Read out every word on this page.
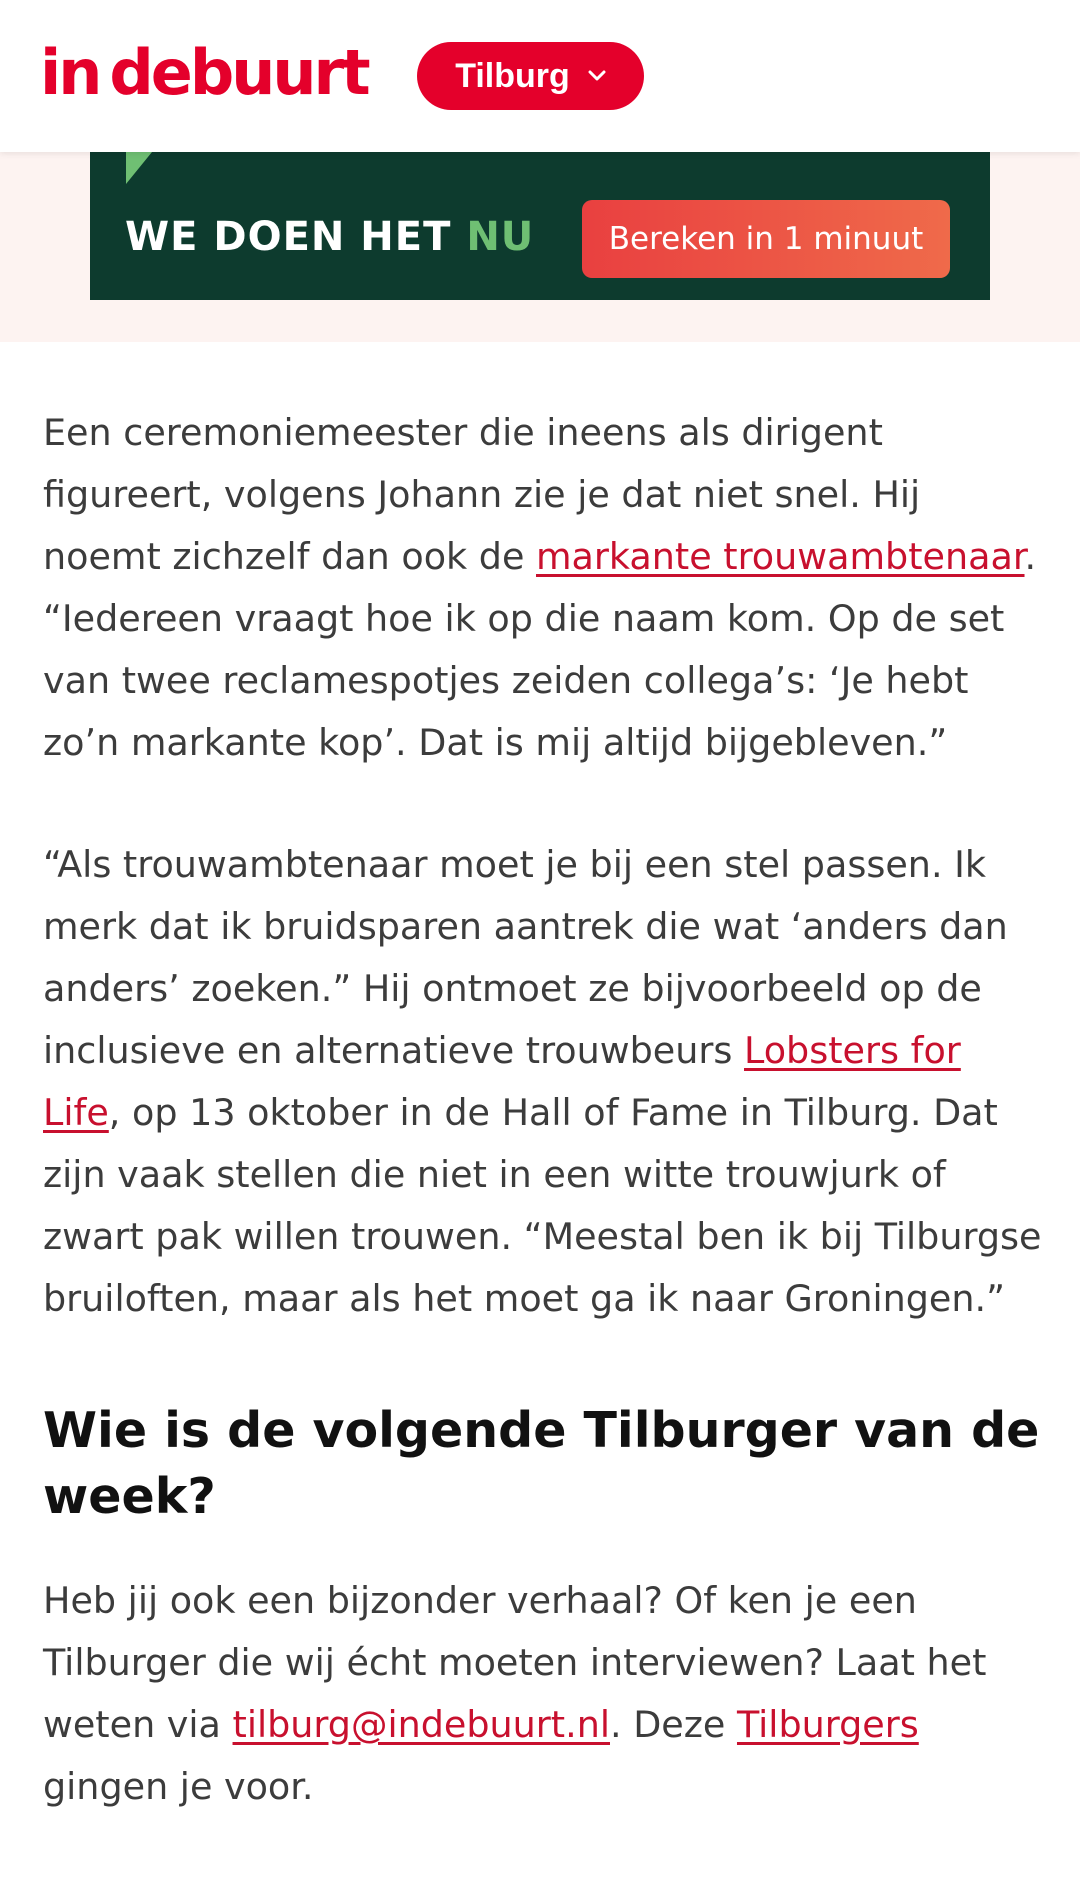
in debuurt	Tilburg
WE DOEN HET NU	Bereken in 1 minuut

Een ceremoniemeester die ineens als dirigent figureert, volgens Johann zie je dat niet snel. Hij noemt zichzelf dan ook de markante trouwambtenaar. “Iedereen vraagt hoe ik op die naam kom. Op de set van twee reclamespotjes zeiden collega’s: ‘Je hebt zo’n markante kop’. Dat is mij altijd bijgebleven.”

“Als trouwambtenaar moet je bij een stel passen. Ik merk dat ik bruidsparen aantrek die wat ‘anders dan anders’ zoeken.” Hij ontmoet ze bijvoorbeeld op de inclusieve en alternatieve trouwbeurs Lobsters for Life, op 13 oktober in de Hall of Fame in Tilburg. Dat zijn vaak stellen die niet in een witte trouwjurk of zwart pak willen trouwen. “Meestal ben ik bij Tilburgse bruiloften, maar als het moet ga ik naar Groningen.”

Wie is de volgende Tilburger van de week?

Heb jij ook een bijzonder verhaal? Of ken je een Tilburger die wij écht moeten interviewen? Laat het weten via tilburg@indebuurt.nl. Deze Tilburgers gingen je voor.
